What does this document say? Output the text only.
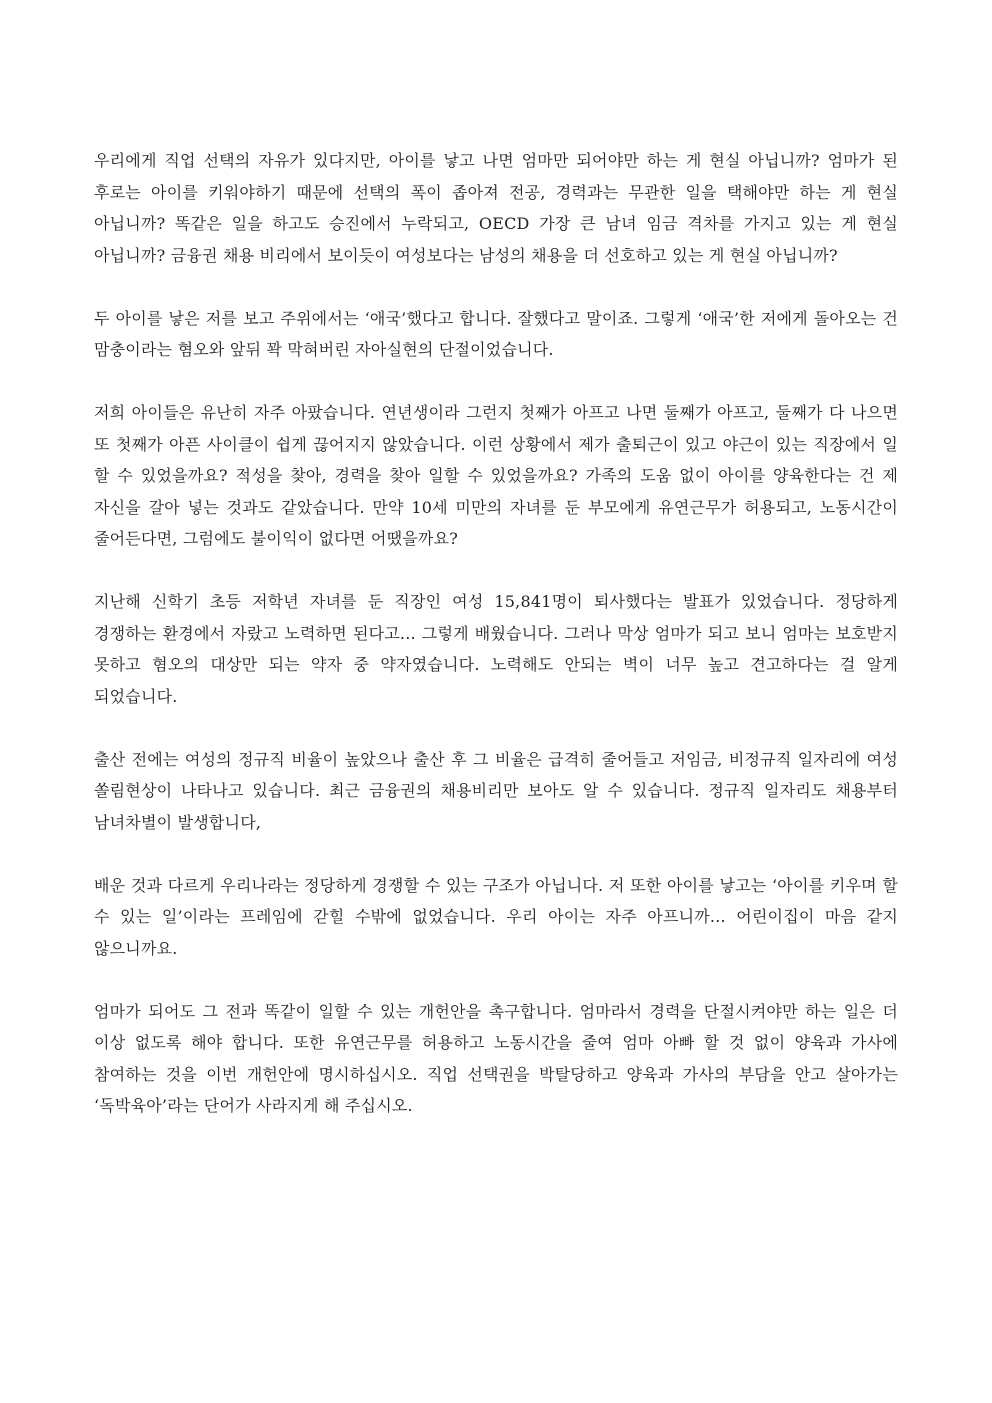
우리에게 직업 선택의 자유가 있다지만, 아이를 낳고 나면 엄마만 되어야만 하는 게 현실 아닙니까? 엄마가 된 후로는 아이를 키워야하기 때문에 선택의 폭이 좁아져 전공, 경력과는 무관한 일을 택해야만 하는 게 현실 아닙니까? 똑같은 일을 하고도 승진에서 누락되고, OECD 가장 큰 남녀 임금 격차를 가지고 있는 게 현실 아닙니까? 금융권 채용 비리에서 보이듯이 여성보다는 남성의 채용을 더 선호하고 있는 게 현실 아닙니까?

두 아이를 낳은 저를 보고 주위에서는 ‘애국’했다고 합니다. 잘했다고 말이죠. 그렇게 ‘애국’한 저에게 돌아오는 건 맘충이라는 혐오와 앞뒤 꽉 막혀버린 자아실현의 단절이었습니다.

저희 아이들은 유난히 자주 아팠습니다. 연년생이라 그런지 첫째가 아프고 나면 둘째가 아프고, 둘째가 다 나으면 또 첫째가 아픈 사이클이 쉽게 끊어지지 않았습니다. 이런 상황에서 제가 출퇴근이 있고 야근이 있는 직장에서 일 할 수 있었을까요? 적성을 찾아, 경력을 찾아 일할 수 있었을까요? 가족의 도움 없이 아이를 양육한다는 건 제 자신을 갈아 넣는 것과도 같았습니다. 만약 10세 미만의 자녀를 둔 부모에게 유연근무가 허용되고, 노동시간이 줄어든다면, 그럼에도 불이익이 없다면 어땠을까요?

지난해 신학기 초등 저학년 자녀를 둔 직장인 여성 15,841명이 퇴사했다는 발표가 있었습니다. 정당하게 경쟁하는 환경에서 자랐고 노력하면 된다고... 그렇게 배웠습니다. 그러나 막상 엄마가 되고 보니 엄마는 보호받지 못하고 혐오의 대상만 되는 약자 중 약자였습니다. 노력해도 안되는 벽이 너무 높고 견고하다는 걸 알게 되었습니다.

출산 전에는 여성의 정규직 비율이 높았으나 출산 후 그 비율은 급격히 줄어들고 저임금, 비정규직 일자리에 여성 쏠림현상이 나타나고 있습니다. 최근 금융권의 채용비리만 보아도 알 수 있습니다. 정규직 일자리도 채용부터 남녀차별이 발생합니다,

배운 것과 다르게 우리나라는 정당하게 경쟁할 수 있는 구조가 아닙니다. 저 또한 아이를 낳고는 ‘아이를 키우며 할 수 있는 일’이라는 프레임에 갇힐 수밖에 없었습니다. 우리 아이는 자주 아프니까... 어린이집이 마음 같지 않으니까요.

엄마가 되어도 그 전과 똑같이 일할 수 있는 개헌안을 촉구합니다. 엄마라서 경력을 단절시켜야만 하는 일은 더 이상 없도록 해야 합니다. 또한 유연근무를 허용하고 노동시간을 줄여 엄마 아빠 할 것 없이 양육과 가사에 참여하는 것을 이번 개헌안에 명시하십시오. 직업 선택권을 박탈당하고 양육과 가사의 부담을 안고 살아가는 ‘독박육아’라는 단어가 사라지게 해 주십시오.
